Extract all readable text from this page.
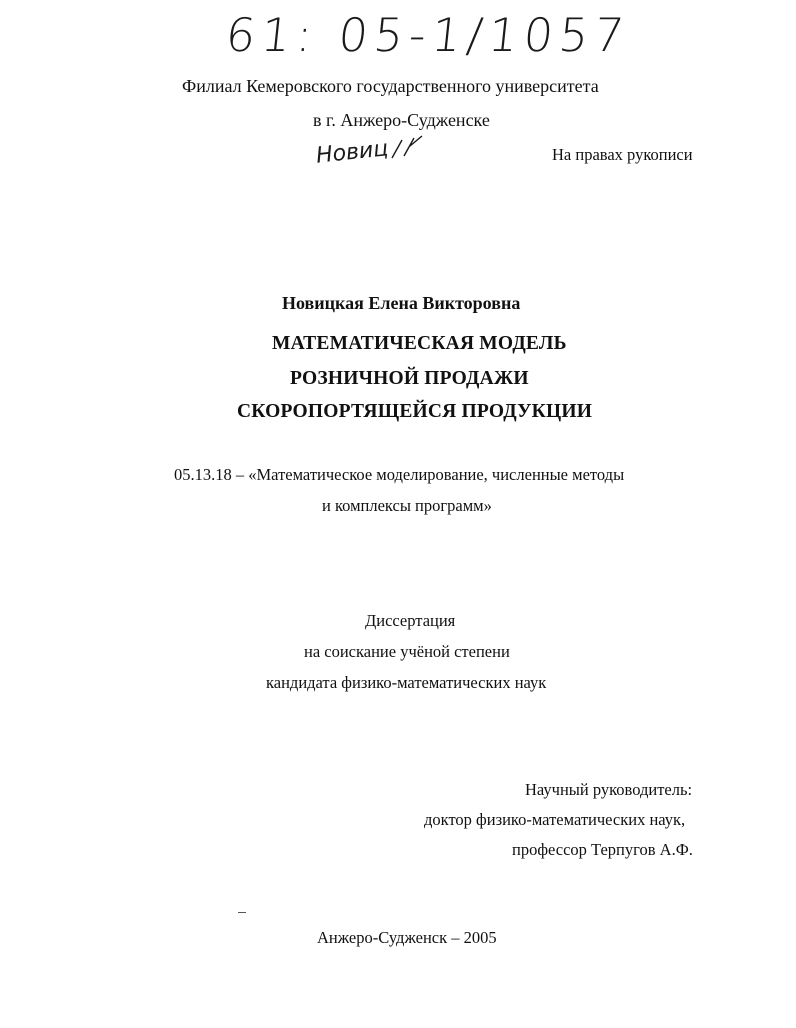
61: 05-1/1057
Филиал Кемеровского государственного университета
в г. Анжеро-Судженске
Новиц	На правах рукописи
Новицкая Елена Викторовна
МАТЕМАТИЧЕСКАЯ МОДЕЛЬ
РОЗНИЧНОЙ ПРОДАЖИ
СКОРОПОРТЯЩЕЙСЯ ПРОДУКЦИИ
05.13.18 – «Математическое моделирование, численные методы
и комплексы программ»
Диссертация
на соискание учёной степени
кандидата физико-математических наук
Научный руководитель:
доктор физико-математических наук,
профессор Терпугов А.Ф.
Анжеро-Судженск – 2005
